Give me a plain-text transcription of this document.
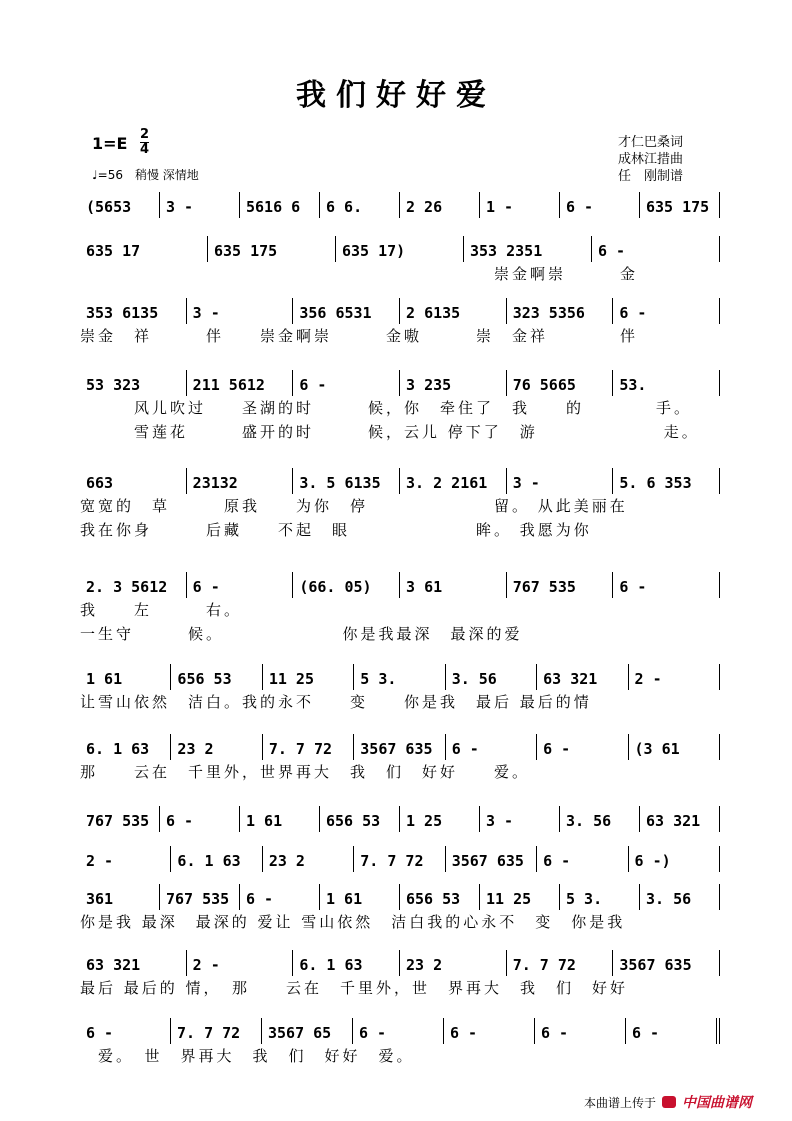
我们好好爱
1=E 2
4
♩=56　稍慢 深情地
才仁巴桑词
成林江措曲
任　刚制谱
(5653	3 -	5616 6	6 6.	2 26	1 -	6 -	635 175
635 17	635 175	635 17)	353 2351	6 -
　　　　　　　　　　　　　　　　　　　　　　　崇金啊崇　　　金
353 6135	3 -	356 6531	2 6135	323 5356	6 -
崇金　祥　　　伴　　崇金啊崇　　　金嗷　　　崇　金祥　　　　伴
53 323	211 5612	6 -	3 235	76 5665	53.
　　　风儿吹过　　圣湖的时　　　候，你　牵住了　我　　的　　　　手。
　　　雪莲花　　　盛开的时　　　候，云儿 停下了　游　　　　　　　走。
663	23132	3. 5 6135	3. 2 2161	3 -	5. 6 353
宽宽的　草　　　原我　　为你　停　　　　　　　留。 从此美丽在
我在你身　　　后藏　　不起　眼　　　　　　　眸。 我愿为你
2. 3 5612	6 -	(66. 05)	3 61	767 535	6 -
我　　左　　　右。
一生守　　　候。　　　　　　　你是我最深　最深的爱
1 61	656 53	11 25	5 3.	3. 56	63 321	2 -
让雪山依然　洁白。我的永不　　变　　你是我　最后 最后的情
6. 1 63	23 2	7. 7 72	3567 635	6 -	6 -	(3 61
那　　云在　千里外，世界再大　我　们　好好　　爱。
767 535	6 -	1 61	656 53	1 25	3 -	3. 56	63 321
2 -	6. 1 63	23 2	7. 7 72	3567 635	6 -	6 -)
361	767 535	6 -	1 61	656 53	11 25	5 3.	3. 56
你是我 最深　最深的 爱让 雪山依然　洁白我的心永不　变　你是我
63 321	2 -	6. 1 63	23 2	7. 7 72	3567 635
最后 最后的 情，　那　　云在　千里外，世　界再大　我　们　好好
6 -	7. 7 72	3567 65	6 -	6 -	6 -	6 -
　爱。　世　界再大　我　们　好好　爱。
本曲谱上传于 中国曲谱网
